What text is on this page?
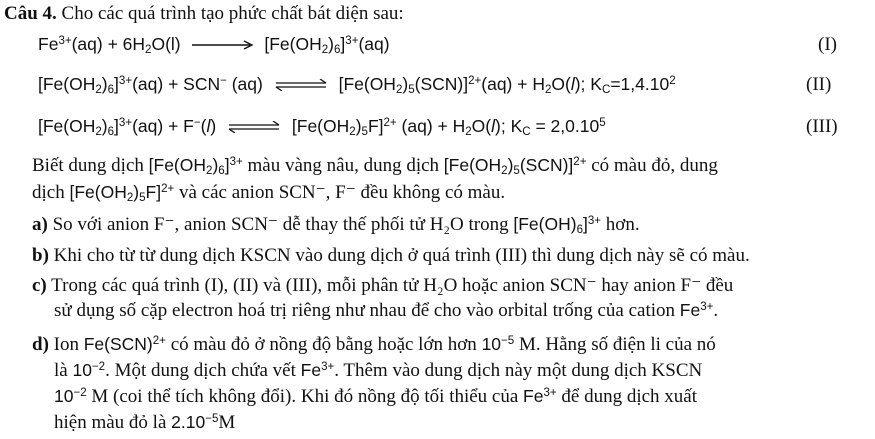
Câu 4. Cho các quá trình tạo phức chất bát diện sau:
$Fe^{3+}(aq) + 6H_2O(l)$	$[Fe(OH_2)_6]^{3+}(aq)$	(I)
$[Fe(OH_2)_6]^{3+}(aq) + SCN^-$ (aq) ⇌ $[Fe(OH_2)_5(SCN)]^{2+}(aq) + H_2O(l)$; $K_C=1,4.10^2$	(II)
$[Fe(OH_2)_6]^{3+}(aq) + F^-(l)$ ⇌ $[Fe(OH_2)_5F]^{2+}$ $(aq) + H_2O(l)$; $K_C = 2,0.10^5$	(III)
Biết dung dịch $[Fe(OH_2)_6]^{3+}$ màu vàng nâu, dung dịch $[Fe(OH_2)_5(SCN)]^{2+}$ có màu đỏ, dung
dịch $[Fe(OH_2)_5F]^{2+}$ và các anion SCN⁻, F⁻ đều không có màu.
a) So với anion F⁻, anion SCN⁻ dễ thay thế phối tử H₂O trong $[Fe(OH)_6]^{3+}$ hơn.
b) Khi cho từ từ dung dịch KSCN vào dung dịch ở quá trình (III) thì dung dịch này sẽ có màu.
c) Trong các quá trình (I), (II) và (III), mỗi phân tử H₂O hoặc anion SCN⁻ hay anion F⁻ đều
sử dụng số cặp electron hoá trị riêng như nhau để cho vào orbital trống của cation $Fe^{3+}$.
d) Ion Fe(SCN)$^{2+}$ có màu đỏ ở nồng độ bằng hoặc lớn hơn $10^{-5}$ M. Hằng số điện li của nó
là $10^{-2}$. Một dung dịch chứa vết $Fe^{3+}$. Thêm vào dung dịch này một dung dịch KSCN
$10^{-2}$ M (coi thể tích không đổi). Khi đó nồng độ tối thiểu của $Fe^{3+}$ để dung dịch xuất
hiện màu đỏ là $2.10^{-5}M$
